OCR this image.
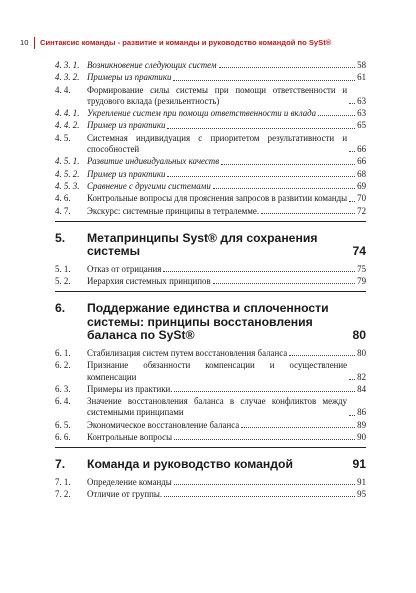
10 Синтаксис команды - развитие и команды и руководство командой по SySt®
4. 3. 1. Возникновение следующих систем	58
4. 3. 2. Примеры из практики	61
4. 4.	Формирование силы системы при помощи ответственности и трудового вклада (резильентность)	63
4. 4. 1. Укрепление систем при помощи ответственности и вклада	63
4. 4. 2. Пример из практики	65
4. 5.	Системная индивидуация с приоритетом результативности и способностей	66
4. 5. 1. Развитие индивидуальных качеств	66
4. 5. 2. Пример из практики	68
4. 5. 3. Сравнение с другими системами	69
4. 6.	Контрольные вопросы для прояснения запросов в развитии команды 70
4. 7.	Экскурс: системные принципы в тетралемме.	72
5.	Метапринципы Syst® для сохранения системы	74
5. 1.	Отказ от отрицания	75
5. 2.	Иерархия системных принципов	79
6.	Поддержание единства и сплоченности системы: принципы восстановления баланса по SySt®	80
6. 1.	Стабилизация систем путем восстановления баланса	80
6. 2.	Признание обязанности компенсации и осуществление компенсации	82
6. 3.	Примеры из практики.	84
6. 4.	Значение восстановления баланса в случае конфликтов между системными принципами	86
6. 5.	Экономическое восстановление баланса	89
6. 6.	Контрольные вопросы	90
7.	Команда и руководство командой	91
7. 1.	Определение команды	91
7. 2.	Отличие от группы.	95
